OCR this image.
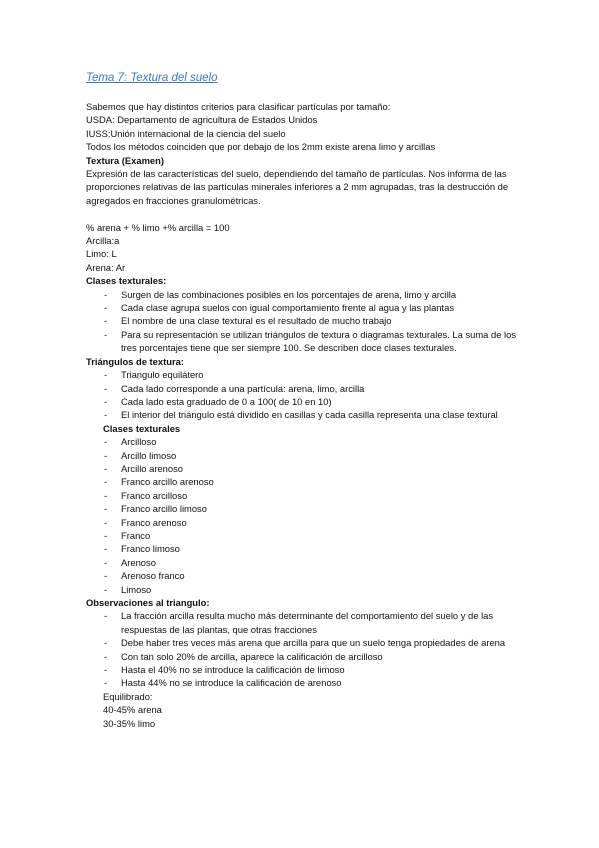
Tema 7: Textura del suelo

Sabemos que hay distintos criterios para clasificar partículas por tamaño:

USDA: Departamento de agricultura de Estados Unidos

IUSS:Unión internacional de la ciencia del suelo

Todos los métodos coinciden que por debajo de los 2mm existe arena limo y arcillas

Textura (Examen)

Expresión de las características del suelo, dependiendo del tamaño de partículas. Nos informa de las proporciones relativas de las partículas minerales inferiores a 2 mm agrupadas, tras la destrucción de agregados en fracciones granulométricas.

% arena + % limo +% arcilla = 100

Arcilla:a

Limo: L

Arena: Ar

Clases texturales:

- Surgen de las combinaciones posibles en los porcentajes de arena, limo y arcilla
- Cada clase agrupa suelos con igual comportamiento frente al agua y las plantas
- El nombre de una clase textural es el resultado de mucho trabajo
- Para su representación se utilizan triángulos de textura o diagramas texturales. La suma de los tres porcentajes tiene que ser siempre 100. Se describen doce clases texturales.

Triángulos de textura:

- Triangulo equilátero
- Cada lado corresponde a una partícula: arena, limo, arcilla
- Cada lado esta graduado de 0 a 100( de 10 en 10)
- El interior del triángulo está dividido en casillas y cada casilla representa una clase textural

Clases texturales

- Arcilloso
- Arcillo limoso
- Arcillo arenoso
- Franco arcillo arenoso
- Franco arcilloso
- Franco arcillo limoso
- Franco arenoso
- Franco
- Franco limoso
- Arenoso
- Arenoso franco
- Limoso

Observaciones al triangulo:

- La fracción arcilla resulta mucho más determinante del comportamiento del suelo y de las respuestas de las plantas, que otras fracciones
- Debe haber tres veces más arena que arcilla para que un suelo tenga propiedades de arena
- Con tan solo 20% de arcilla, aparece la calificación de arcilloso
- Hasta el 40% no se introduce la calificación de limoso
- Hasta 44% no se introduce la calificación de arenoso

Equilibrado:

40-45% arena

30-35% limo
